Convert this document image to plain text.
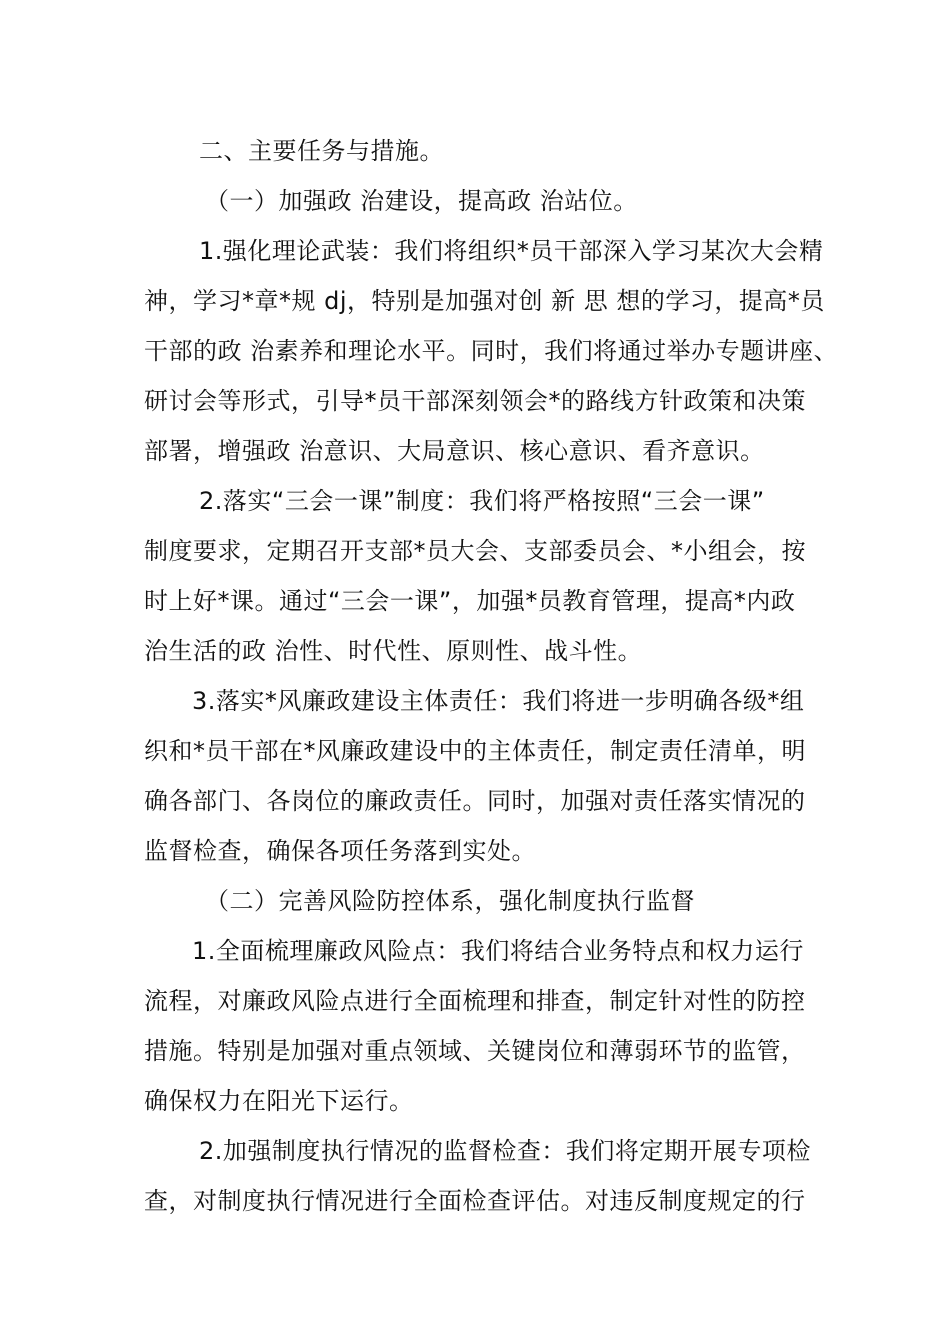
二、主要任务与措施。
（一）加强政 治建设，提高政 治站位。
1.强化理论武装：我们将组织*员干部深入学习某次大会精
神，学习*章*规 dj，特别是加强对创 新 思 想的学习，提高*员
干部的政 治素养和理论水平。同时，我们将通过举办专题讲座、
研讨会等形式，引导*员干部深刻领会*的路线方针政策和决策
部署，增强政 治意识、大局意识、核心意识、看齐意识。
2.落实“三会一课”制度：我们将严格按照“三会一课”
制度要求，定期召开支部*员大会、支部委员会、*小组会，按
时上好*课。通过“三会一课”，加强*员教育管理，提高*内政
治生活的政 治性、时代性、原则性、战斗性。
3.落实*风廉政建设主体责任：我们将进一步明确各级*组
织和*员干部在*风廉政建设中的主体责任，制定责任清单，明
确各部门、各岗位的廉政责任。同时，加强对责任落实情况的
监督检查，确保各项任务落到实处。
（二）完善风险防控体系，强化制度执行监督
1.全面梳理廉政风险点：我们将结合业务特点和权力运行
流程，对廉政风险点进行全面梳理和排查，制定针对性的防控
措施。特别是加强对重点领域、关键岗位和薄弱环节的监管，
确保权力在阳光下运行。
2.加强制度执行情况的监督检查：我们将定期开展专项检
查，对制度执行情况进行全面检查评估。对违反制度规定的行
